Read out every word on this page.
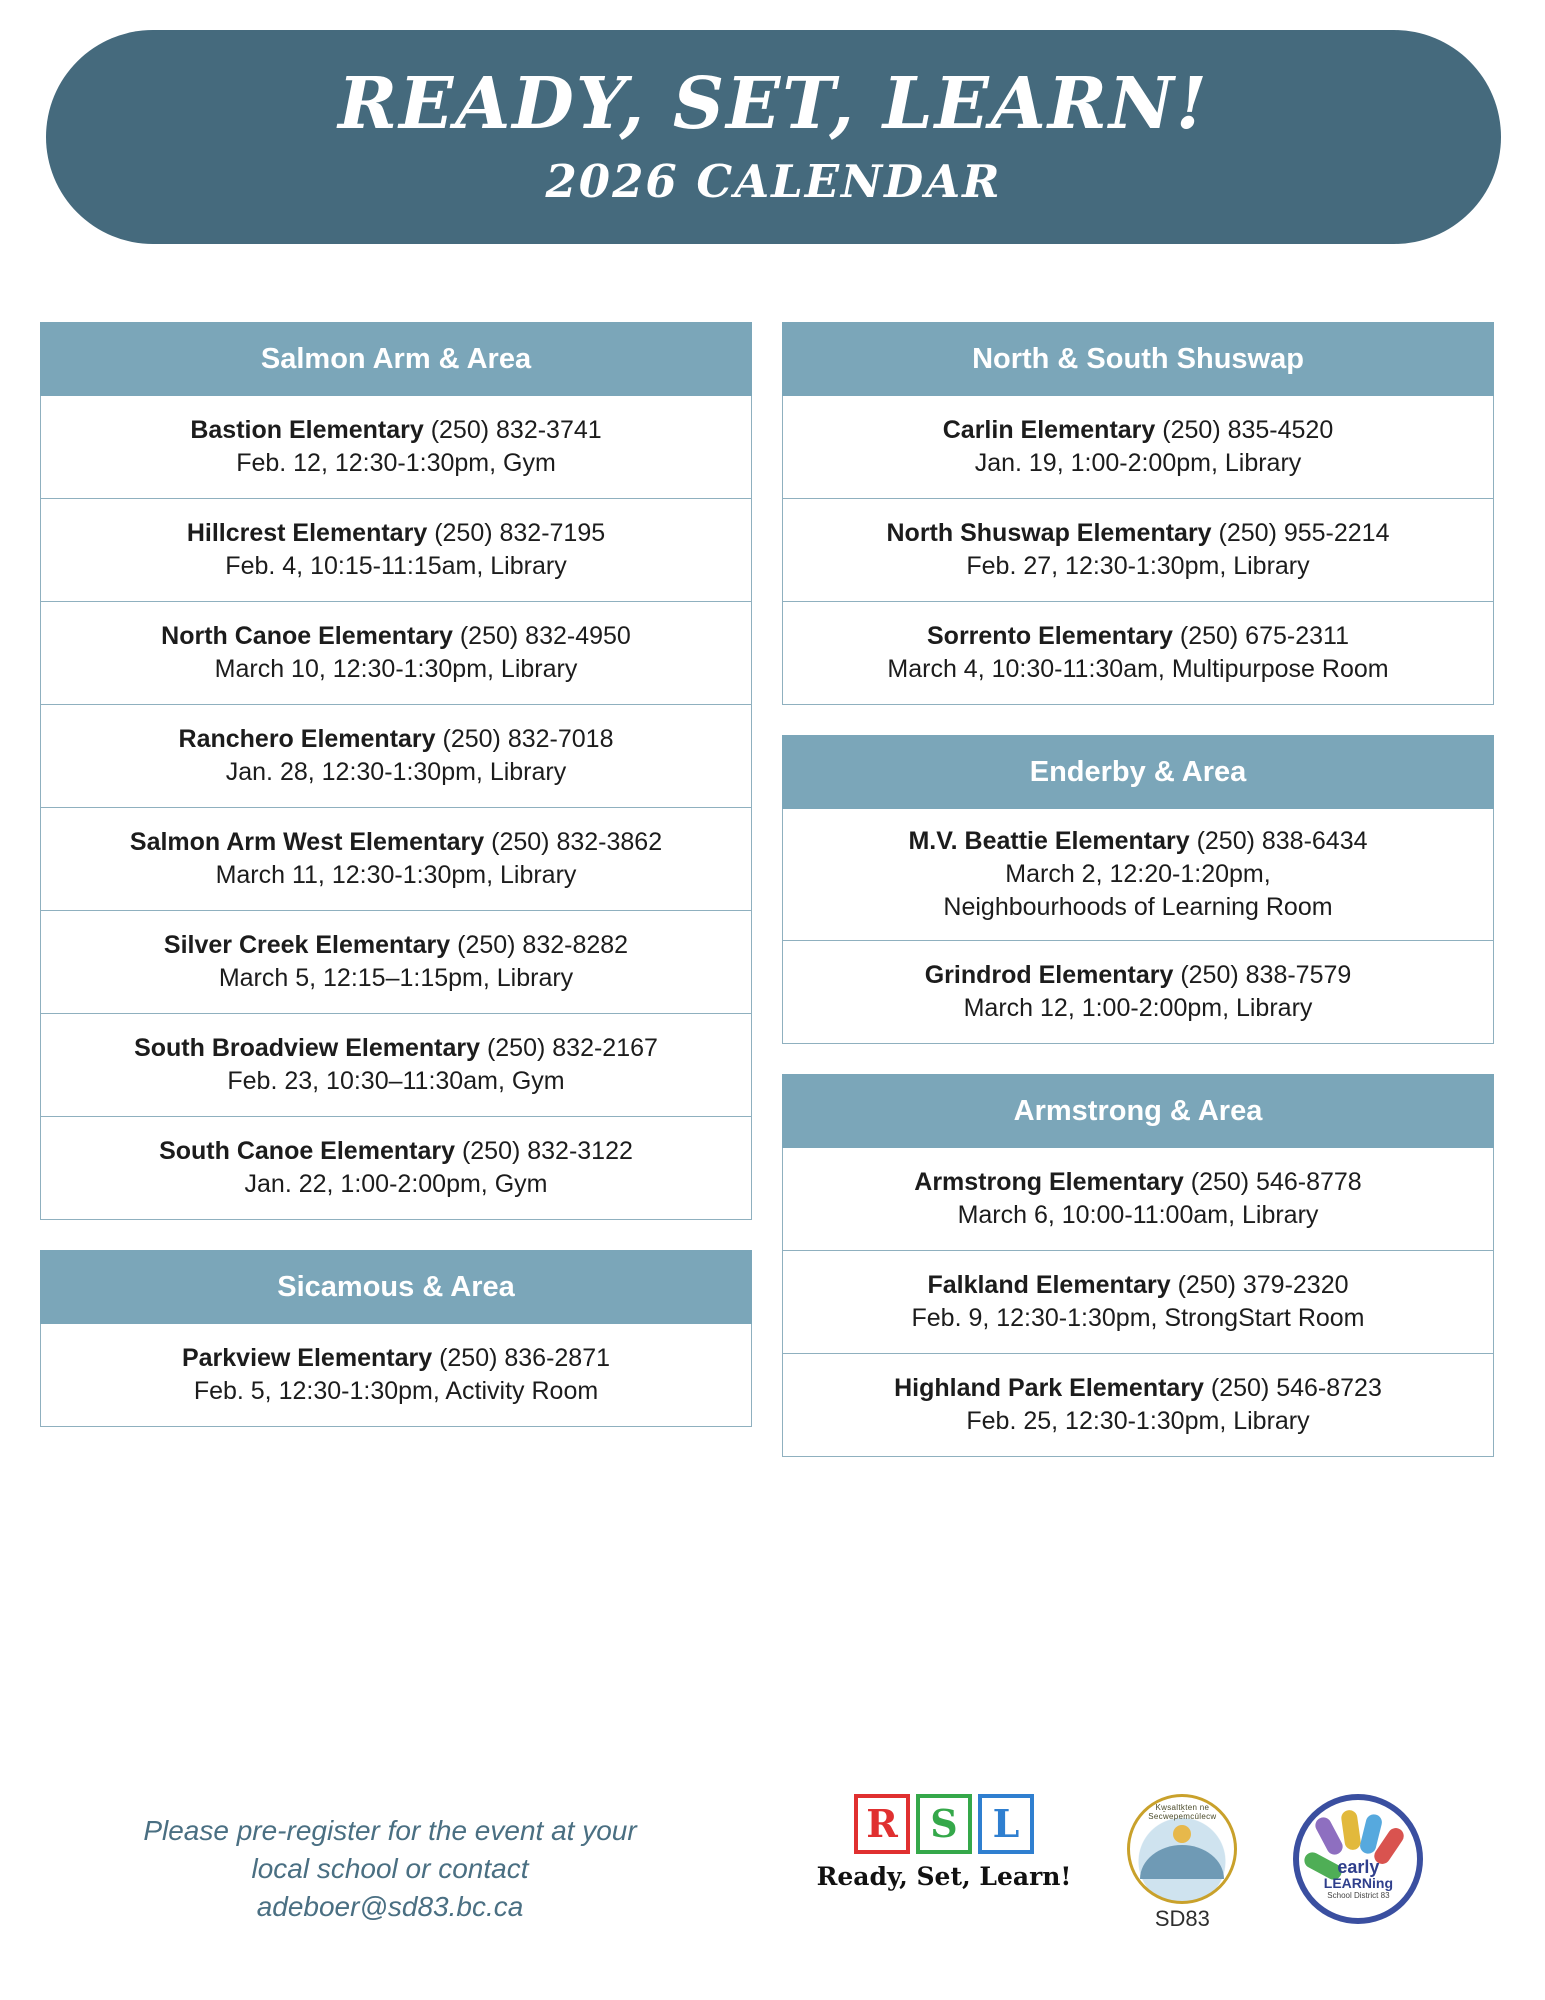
READY, SET, LEARN!
2026 CALENDAR
Salmon Arm & Area
Bastion Elementary (250) 832-3741
Feb. 12, 12:30-1:30pm, Gym
Hillcrest Elementary (250) 832-7195
Feb. 4, 10:15-11:15am, Library
North Canoe Elementary (250) 832-4950
March 10, 12:30-1:30pm, Library
Ranchero Elementary (250) 832-7018
Jan. 28, 12:30-1:30pm, Library
Salmon Arm West Elementary (250) 832-3862
March 11, 12:30-1:30pm, Library
Silver Creek Elementary (250) 832-8282
March 5, 12:15–1:15pm, Library
South Broadview Elementary (250) 832-2167
Feb. 23, 10:30–11:30am, Gym
South Canoe Elementary (250) 832-3122
Jan. 22, 1:00-2:00pm, Gym
Sicamous & Area
Parkview Elementary (250) 836-2871
Feb. 5, 12:30-1:30pm, Activity Room
North & South Shuswap
Carlin Elementary (250) 835-4520
Jan. 19, 1:00-2:00pm, Library
North Shuswap Elementary (250) 955-2214
Feb. 27, 12:30-1:30pm, Library
Sorrento Elementary (250) 675-2311
March 4, 10:30-11:30am, Multipurpose Room
Enderby & Area
M.V. Beattie Elementary (250) 838-6434
March 2, 12:20-1:20pm,
Neighbourhoods of Learning Room
Grindrod Elementary (250) 838-7579
March 12, 1:00-2:00pm, Library
Armstrong & Area
Armstrong Elementary (250) 546-8778
March 6, 10:00-11:00am, Library
Falkland Elementary (250) 379-2320
Feb. 9, 12:30-1:30pm, StrongStart Room
Highland Park Elementary (250) 546-8723
Feb. 25, 12:30-1:30pm, Library
Please pre-register for the event at your
local school or contact
adeboer@sd83.bc.ca
R S L
Ready, Set, Learn!
Kw̱saltḵten ne Secwepemcúlecw
SD83
early
LEARNing
School District 83
